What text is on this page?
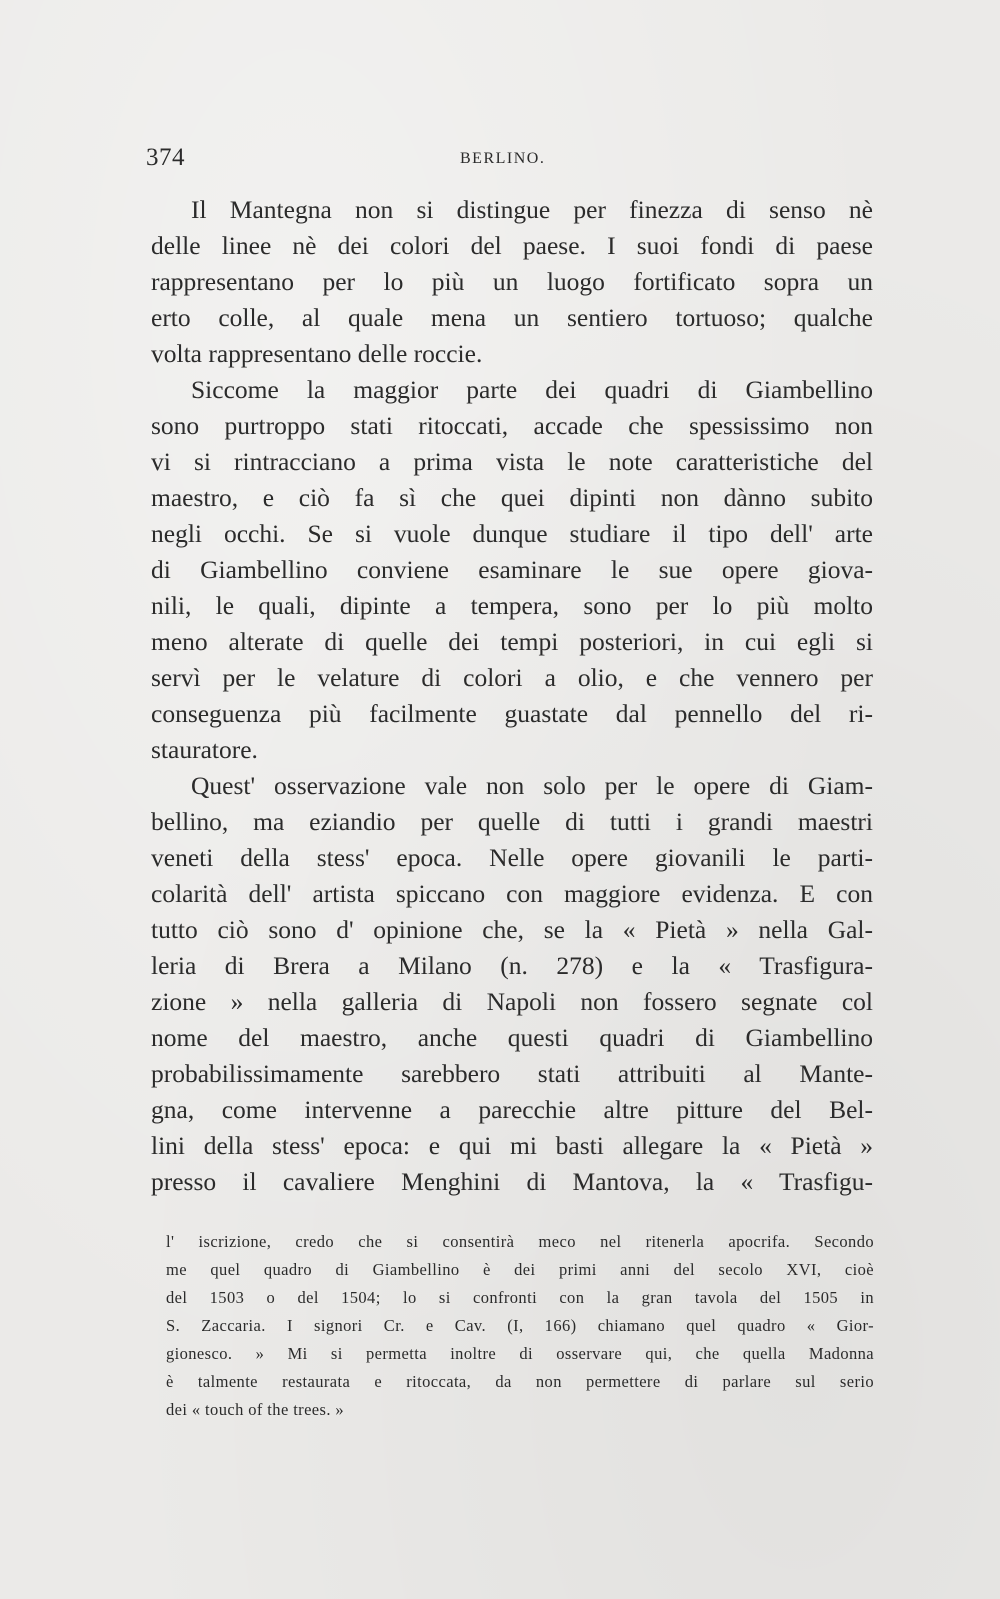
374	BERLINO.
Il Mantegna non si distingue per finezza di senso nè
delle linee nè dei colori del paese. I suoi fondi di paese
rappresentano per lo più un luogo fortificato sopra un
erto colle, al quale mena un sentiero tortuoso; qualche
volta rappresentano delle roccie.
Siccome la maggior parte dei quadri di Giambellino
sono purtroppo stati ritoccati, accade che spessissimo non
vi si rintracciano a prima vista le note caratteristiche del
maestro, e ciò fa sì che quei dipinti non dànno subito
negli occhi. Se si vuole dunque studiare il tipo dell' arte
di Giambellino conviene esaminare le sue opere giova-
nili, le quali, dipinte a tempera, sono per lo più molto
meno alterate di quelle dei tempi posteriori, in cui egli si
servì per le velature di colori a olio, e che vennero per
conseguenza più facilmente guastate dal pennello del ri-
stauratore.
Quest' osservazione vale non solo per le opere di Giam-
bellino, ma eziandio per quelle di tutti i grandi maestri
veneti della stess' epoca. Nelle opere giovanili le parti-
colarità dell' artista spiccano con maggiore evidenza. E con
tutto ciò sono d' opinione che, se la « Pietà » nella Gal-
leria di Brera a Milano (n. 278) e la « Trasfigura-
zione » nella galleria di Napoli non fossero segnate col
nome del maestro, anche questi quadri di Giambellino
probabilissimamente sarebbero stati attribuiti al Mante-
gna, come intervenne a parecchie altre pitture del Bel-
lini della stess' epoca: e qui mi basti allegare la « Pietà »
presso il cavaliere Menghini di Mantova, la « Trasfigu-
l' iscrizione, credo che si consentirà meco nel ritenerla apocrifa. Secondo
me quel quadro di Giambellino è dei primi anni del secolo XVI, cioè
del 1503 o del 1504; lo si confronti con la gran tavola del 1505 in
S. Zaccaria. I signori Cr. e Cav. (I, 166) chiamano quel quadro « Gior-
gionesco. » Mi si permetta inoltre di osservare qui, che quella Madonna
è talmente restaurata e ritoccata, da non permettere di parlare sul serio
dei « touch of the trees. »
